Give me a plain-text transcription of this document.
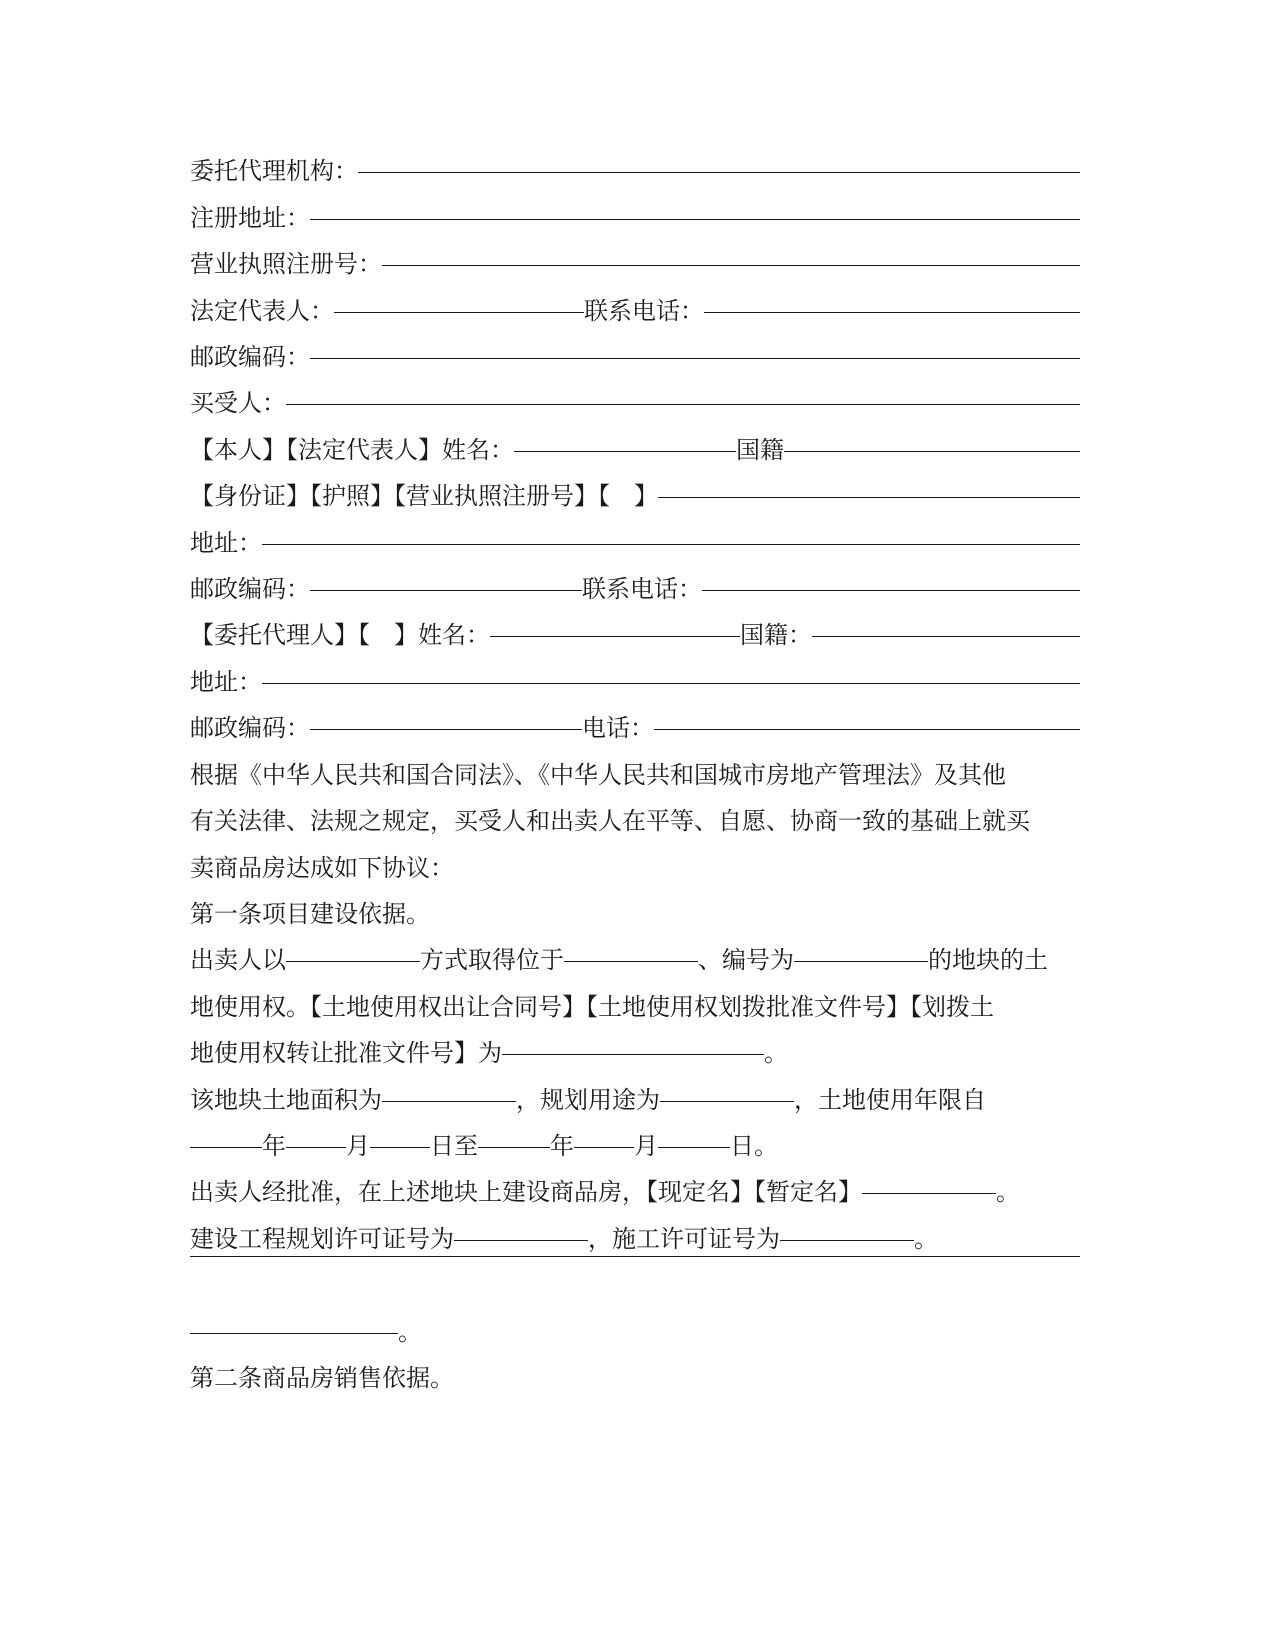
委托代理机构：
注册地址：
营业执照注册号：
法定代表人：	联系电话：
邮政编码：
买受人：
【本人】【法定代表人】姓名：	国籍
【身份证】【护照】【营业执照注册号】【　】
地址：
邮政编码：	联系电话：
【委托代理人】【　】姓名：	国籍：
地址：
邮政编码：	电话：
根据《中华人民共和国合同法》、《中华人民共和国城市房地产管理法》及其他
有关法律、法规之规定，买受人和出卖人在平等、自愿、协商一致的基础上就买
卖商品房达成如下协议：
第一条项目建设依据。
出卖人以	方式取得位于	、编号为	的地块的土
地使用权。【土地使用权出让合同号】【土地使用权划拨批准文件号】【划拨土
地使用权转让批准文件号】为	。
该地块土地面积为	，规划用途为	，土地使用年限自
年	月	日至	年	月	日。
出卖人经批准，在上述地块上建设商品房，【现定名】【暂定名】	。
建设工程规划许可证号为	，施工许可证号为	。
。
第二条商品房销售依据。
